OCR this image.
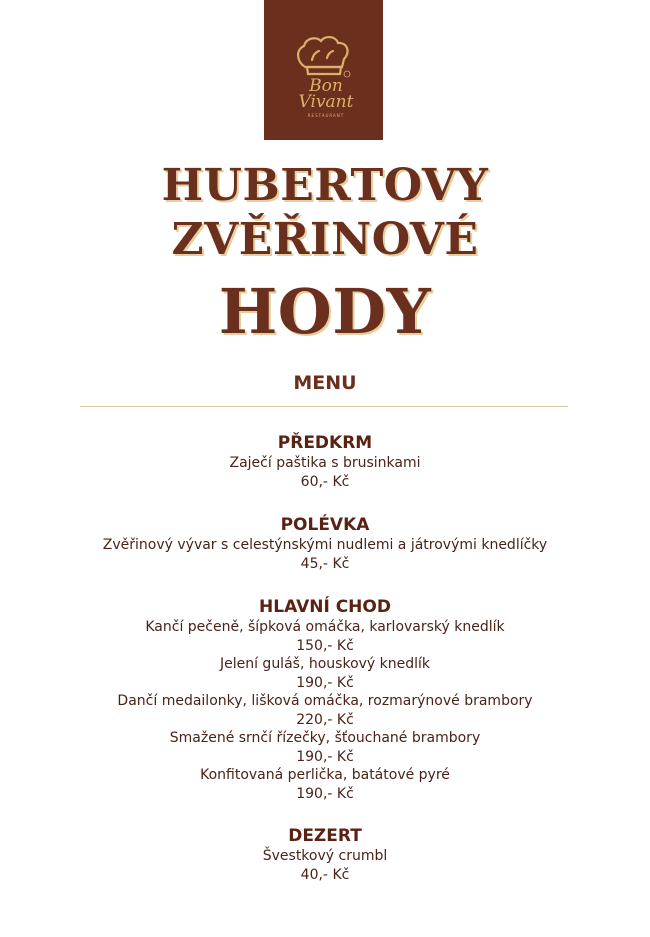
Bon Vivant
RESTAURANT
HUBERTOVY
ZVĚŘINOVÉ
HODY
MENU
PŘEDKRM
Zaječí paštika s brusinkami
60,- Kč
POLÉVKA
Zvěřinový vývar s celestýnskými nudlemi a játrovými knedlíčky
45,- Kč
HLAVNÍ CHOD
Kančí pečeně, šípková omáčka, karlovarský knedlík
150,- Kč
Jelení guláš, houskový knedlík
190,- Kč
Dančí medailonky, lišková omáčka, rozmarýnové brambory
220,- Kč
Smažené srnčí řízečky, šťouchané brambory
190,- Kč
Konfitovaná perlička, batátové pyré
190,- Kč
DEZERT
Švestkový crumbl
40,- Kč
